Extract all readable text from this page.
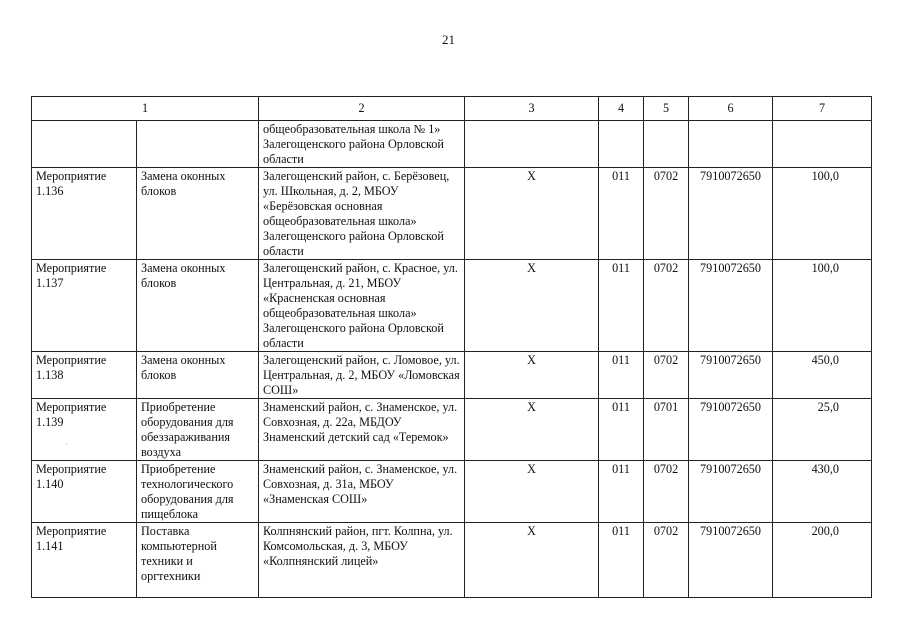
21
1		2	3	4	5	6	7
		общеобразовательная школа № 1» Залегощенского района Орловской области					
Мероприятие 1.136	Замена оконных блоков	Залегощенский район, с. Берёзовец, ул. Школьная, д. 2, МБОУ «Берёзовская основная общеобразовательная школа» Залегощенского района Орловской области	Х	011	0702	7910072650	100,0
Мероприятие 1.137	Замена оконных блоков	Залегощенский район, с. Красное, ул. Центральная, д. 21, МБОУ «Красненская основная общеобразовательная школа» Залегощенского района Орловской области	Х	011	0702	7910072650	100,0
Мероприятие 1.138	Замена оконных блоков	Залегощенский район, с. Ломовое, ул. Центральная, д. 2, МБОУ «Ломовская СОШ»	Х	011	0702	7910072650	450,0
Мероприятие 1.139	Приобретение оборудования для обеззараживания воздуха	Знаменский район, с. Знаменское, ул. Совхозная, д. 22а, МБДОУ Знаменский детский сад «Теремок»	Х	011	0701	7910072650	25,0
Мероприятие 1.140	Приобретение технологического оборудования для пищеблока	Знаменский район, с. Знаменское, ул. Совхозная, д. 31а, МБОУ «Знаменская СОШ»	Х	011	0702	7910072650	430,0
Мероприятие 1.141	Поставка компьютерной техники и оргтехники	Колпнянский район, пгт. Колпна, ул. Комсомольская, д. 3, МБОУ «Колпнянский лицей»	Х	011	0702	7910072650	200,0
·
